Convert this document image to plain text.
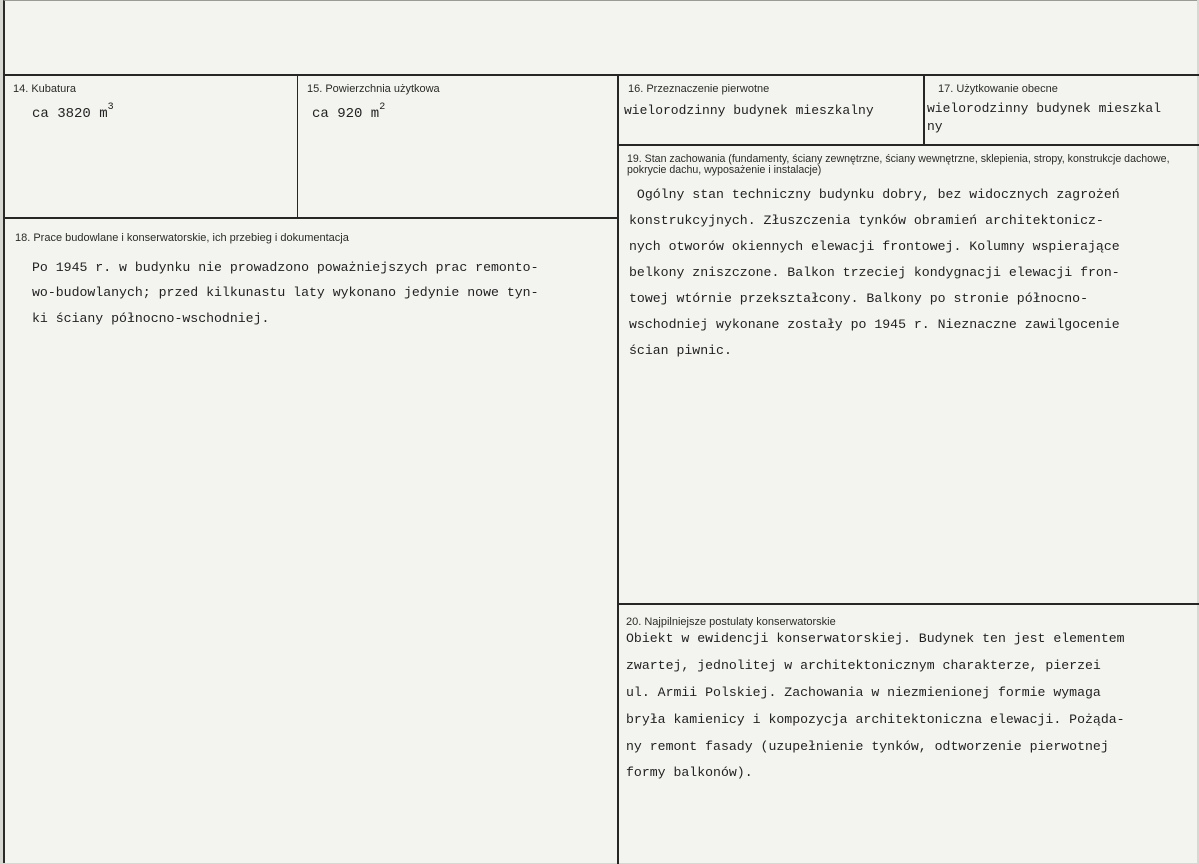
14. Kubatura
ca 3820 $m^3$
15. Powierzchnia użytkowa
ca 920 $m^2$
16. Przeznaczenie pierwotne
wielorodzinny budynek mieszkalny
17. Użytkowanie obecne
wielorodzinny budynek mieszkal
ny
19. Stan zachowania (fundamenty, ściany zewnętrzne, ściany wewnętrzne, sklepienia, stropy, konstrukcje dachowe, pokrycie dachu, wyposażenie i instalacje)
Ogólny stan techniczny budynku dobry, bez widocznych zagrożeń
konstrukcyjnych. Złuszczenia tynków obramień architektonicz-
nych otworów okiennych elewacji frontowej. Kolumny wspierające
belkony zniszczone. Balkon trzeciej kondygnacji elewacji fron-
towej wtórnie przekształcony. Balkony po stronie północno-
wschodniej wykonane zostały po 1945 r. Nieznaczne zawilgocenie
ścian piwnic.
18. Prace budowlane i konserwatorskie, ich przebieg i dokumentacja
Po 1945 r. w budynku nie prowadzono poważniejszych prac remonto-
wo-budowlanych; przed kilkunastu laty wykonano jedynie nowe tyn-
ki ściany północno-wschodniej.
20. Najpilniejsze postulaty konserwatorskie
Obiekt w ewidencji konserwatorskiej. Budynek ten jest elementem
zwartej, jednolitej w architektonicznym charakterze, pierzei
ul. Armii Polskiej. Zachowania w niezmienionej formie wymaga
bryła kamienicy i kompozycja architektoniczna elewacji. Pożąda-
ny remont fasady (uzupełnienie tynków, odtworzenie pierwotnej
formy balkonów).
